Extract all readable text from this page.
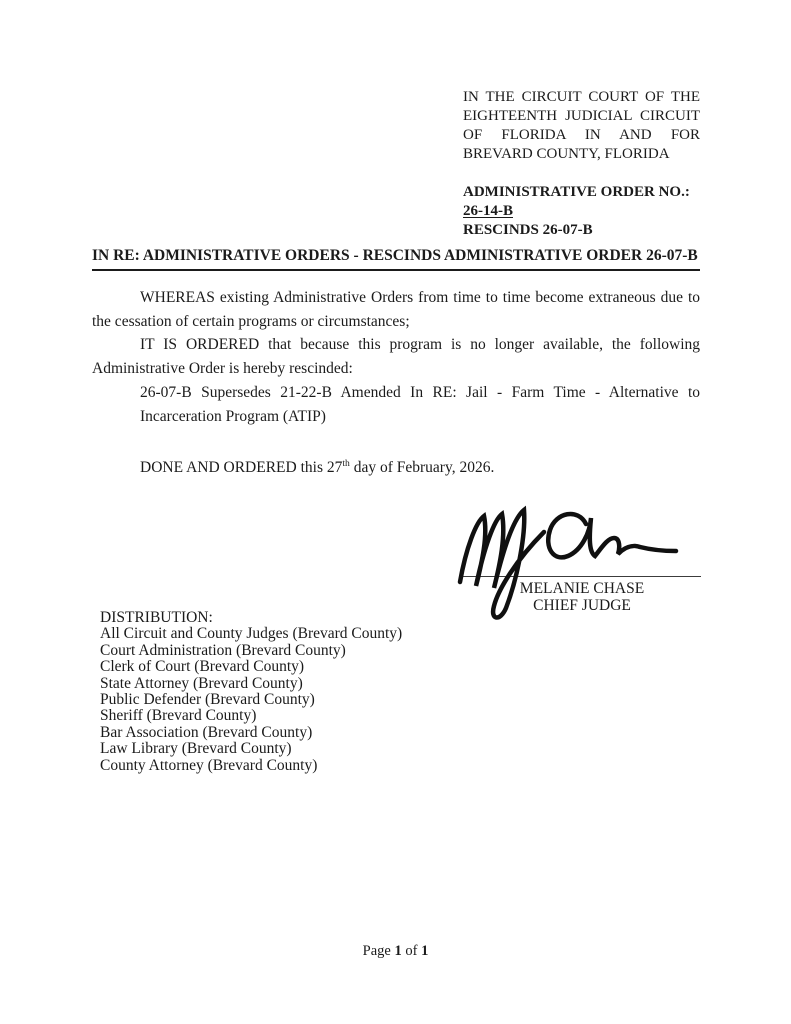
IN THE CIRCUIT COURT OF THE
EIGHTEENTH JUDICIAL CIRCUIT
OF FLORIDA IN AND FOR
BREVARD COUNTY, FLORIDA
ADMINISTRATIVE ORDER NO.:
26-14-B
RESCINDS 26-07-B
IN RE: ADMINISTRATIVE ORDERS - RESCINDS ADMINISTRATIVE ORDER 26-07-B

WHEREAS existing Administrative Orders from time to time become extraneous due to the cessation of certain programs or circumstances;

IT IS ORDERED that because this program is no longer available, the following Administrative Order is hereby rescinded:

26-07-B Supersedes 21-22-B Amended In RE: Jail - Farm Time - Alternative to Incarceration Program (ATIP)

DONE AND ORDERED this 27th day of February, 2026.

MELANIE CHASE
CHIEF JUDGE
DISTRIBUTION:
All Circuit and County Judges (Brevard County)
Court Administration (Brevard County)
Clerk of Court (Brevard County)
State Attorney (Brevard County)
Public Defender (Brevard County)
Sheriff (Brevard County)
Bar Association (Brevard County)
Law Library (Brevard County)
County Attorney (Brevard County)
Page 1 of 1
